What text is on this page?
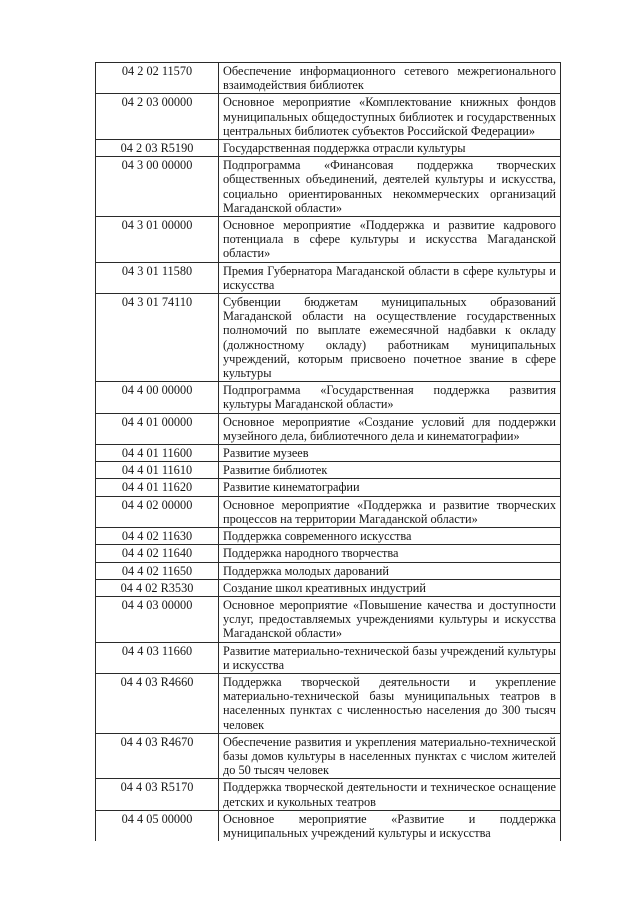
04 2 02 11570	Обеспечение информационного сетевого межрегионального взаимодействия библиотек
04 2 03 00000	Основное мероприятие «Комплектование книжных фондов муниципальных общедоступных библиотек и государственных центральных библиотек субъектов Российской Федерации»
04 2 03 R5190	Государственная поддержка отрасли культуры
04 3 00 00000	Подпрограмма «Финансовая поддержка творческих общественных объединений, деятелей культуры и искусства, социально ориентированных некоммерческих организаций Магаданской области»
04 3 01 00000	Основное мероприятие «Поддержка и развитие кадрового потенциала в сфере культуры и искусства Магаданской области»
04 3 01 11580	Премия Губернатора Магаданской области в сфере культуры и искусства
04 3 01 74110	Субвенции бюджетам муниципальных образований Магаданской области на осуществление государственных полномочий по выплате ежемесячной надбавки к окладу (должностному окладу) работникам муниципальных учреждений, которым присвоено почетное звание в сфере культуры
04 4 00 00000	Подпрограмма «Государственная поддержка развития культуры Магаданской области»
04 4 01 00000	Основное мероприятие «Создание условий для поддержки музейного дела, библиотечного дела и кинематографии»
04 4 01 11600	Развитие музеев
04 4 01 11610	Развитие библиотек
04 4 01 11620	Развитие кинематографии
04 4 02 00000	Основное мероприятие «Поддержка и развитие творческих процессов на территории Магаданской области»
04 4 02 11630	Поддержка современного искусства
04 4 02 11640	Поддержка народного творчества
04 4 02 11650	Поддержка молодых дарований
04 4 02 R3530	Создание школ креативных индустрий
04 4 03 00000	Основное мероприятие «Повышение качества и доступности услуг, предоставляемых учреждениями культуры и искусства Магаданской области»
04 4 03 11660	Развитие материально-технической базы учреждений культуры и искусства
04 4 03 R4660	Поддержка творческой деятельности и укрепление материально-технической базы муниципальных театров в населенных пунктах с численностью населения до 300 тысяч человек
04 4 03 R4670	Обеспечение развития и укрепления материально-технической базы домов культуры в населенных пунктах с числом жителей до 50 тысяч человек
04 4 03 R5170	Поддержка творческой деятельности и техническое оснащение детских и кукольных театров
04 4 05 00000	Основное мероприятие «Развитие и поддержка муниципальных учреждений культуры и искусства
